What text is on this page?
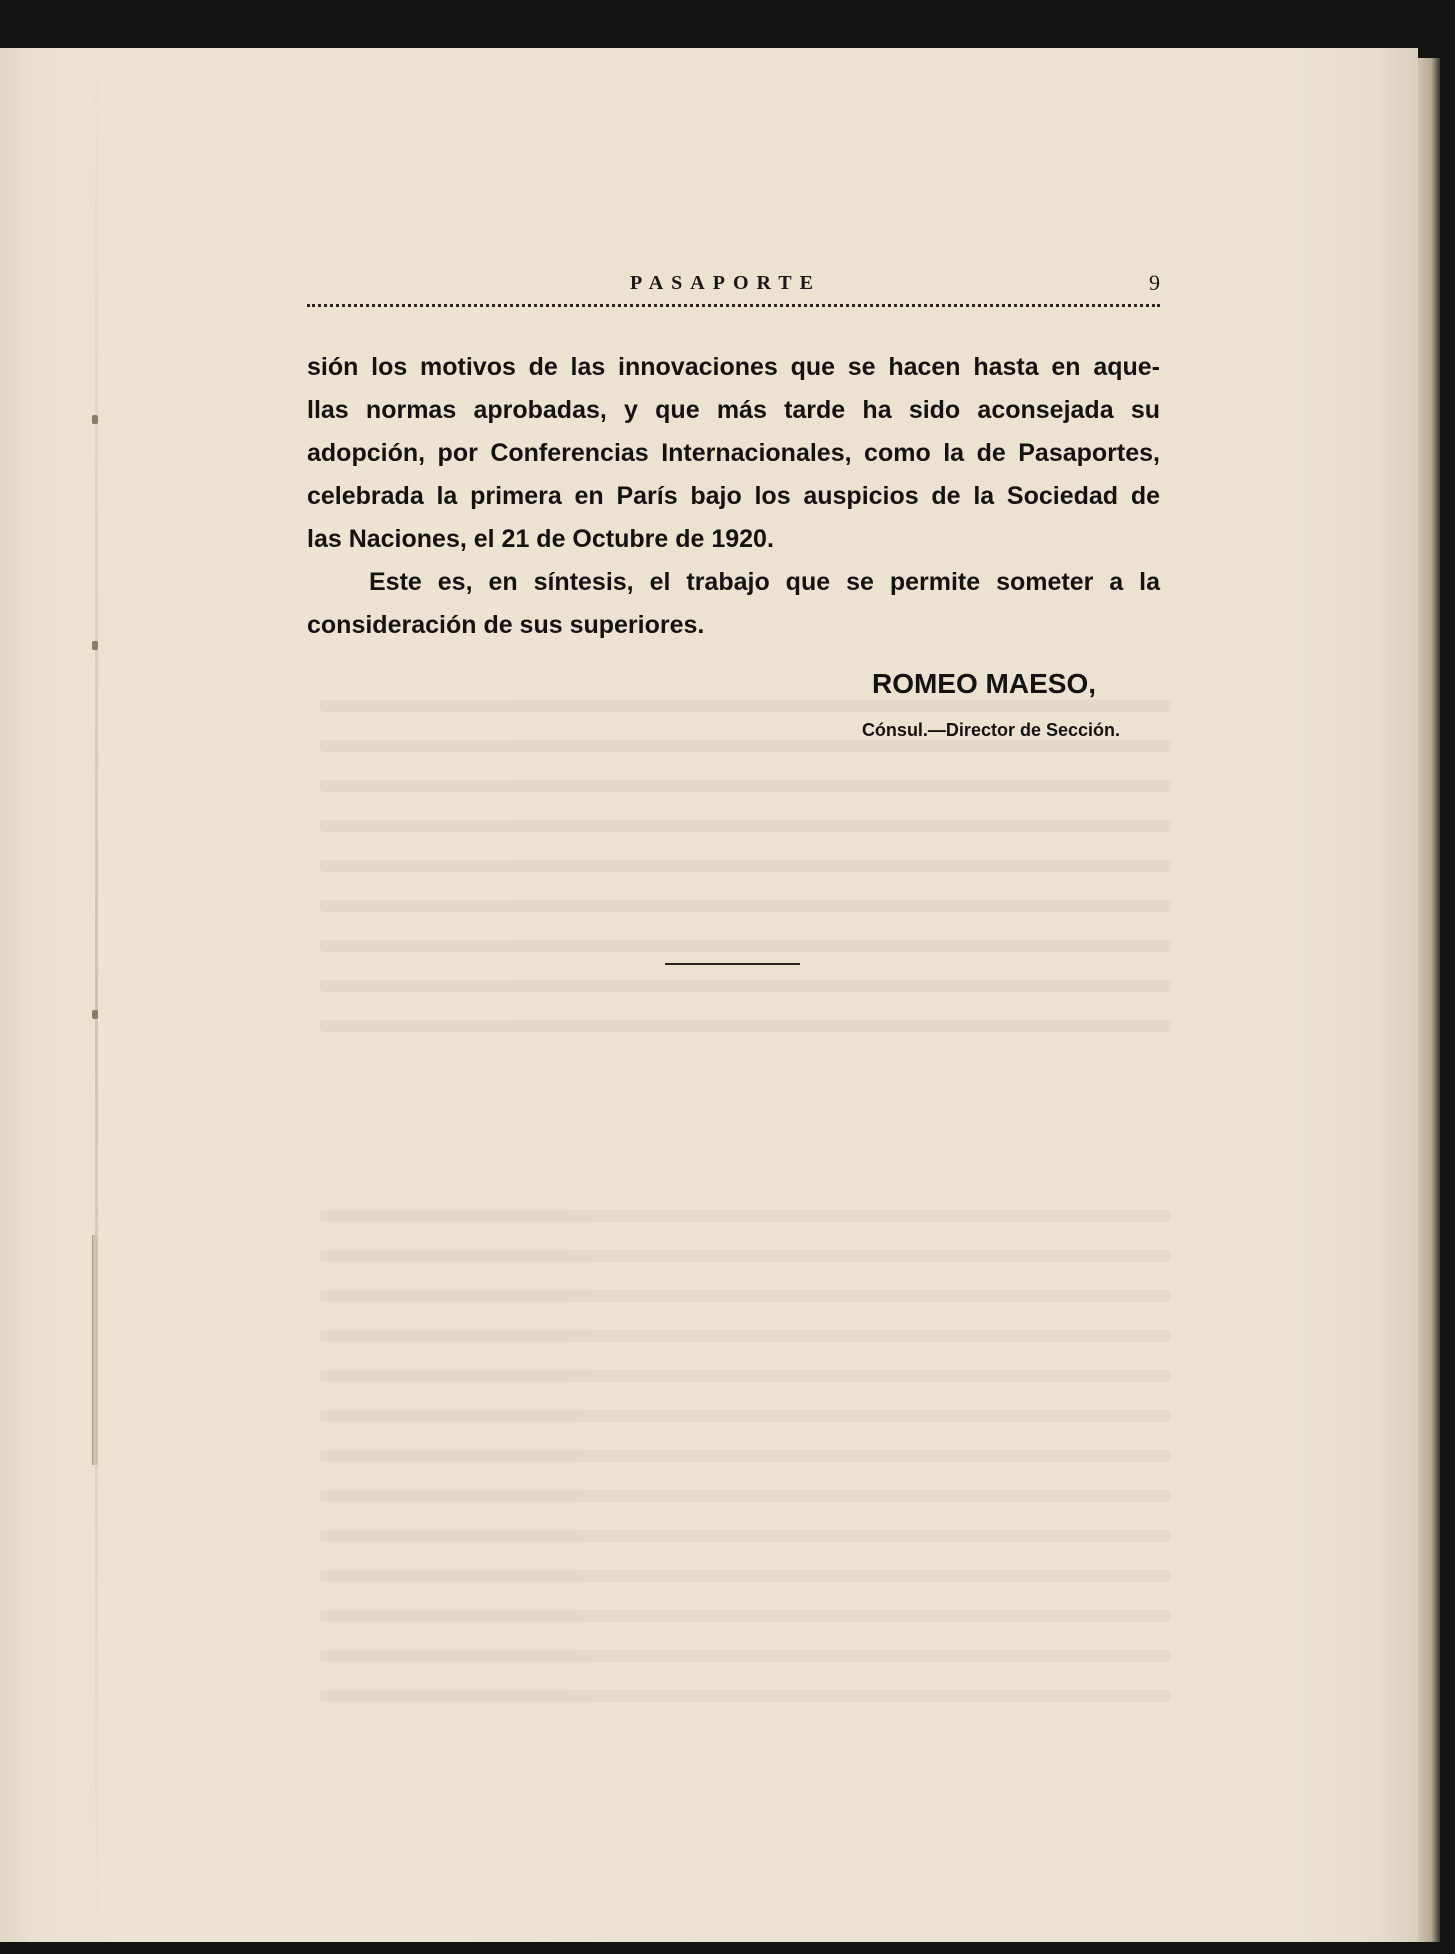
PASAPORTE	9

sión los motivos de las innovaciones que se hacen hasta en aque-
llas normas aprobadas, y que más tarde ha sido aconsejada su
adopción, por Conferencias Internacionales, como la de Pasaportes,
celebrada la primera en París bajo los auspicios de la Sociedad de
las Naciones, el 21 de Octubre de 1920.

Este es, en síntesis, el trabajo que se permite someter a la
consideración de sus superiores.

ROMEO MAESO,
Cónsul.—Director de Sección.
